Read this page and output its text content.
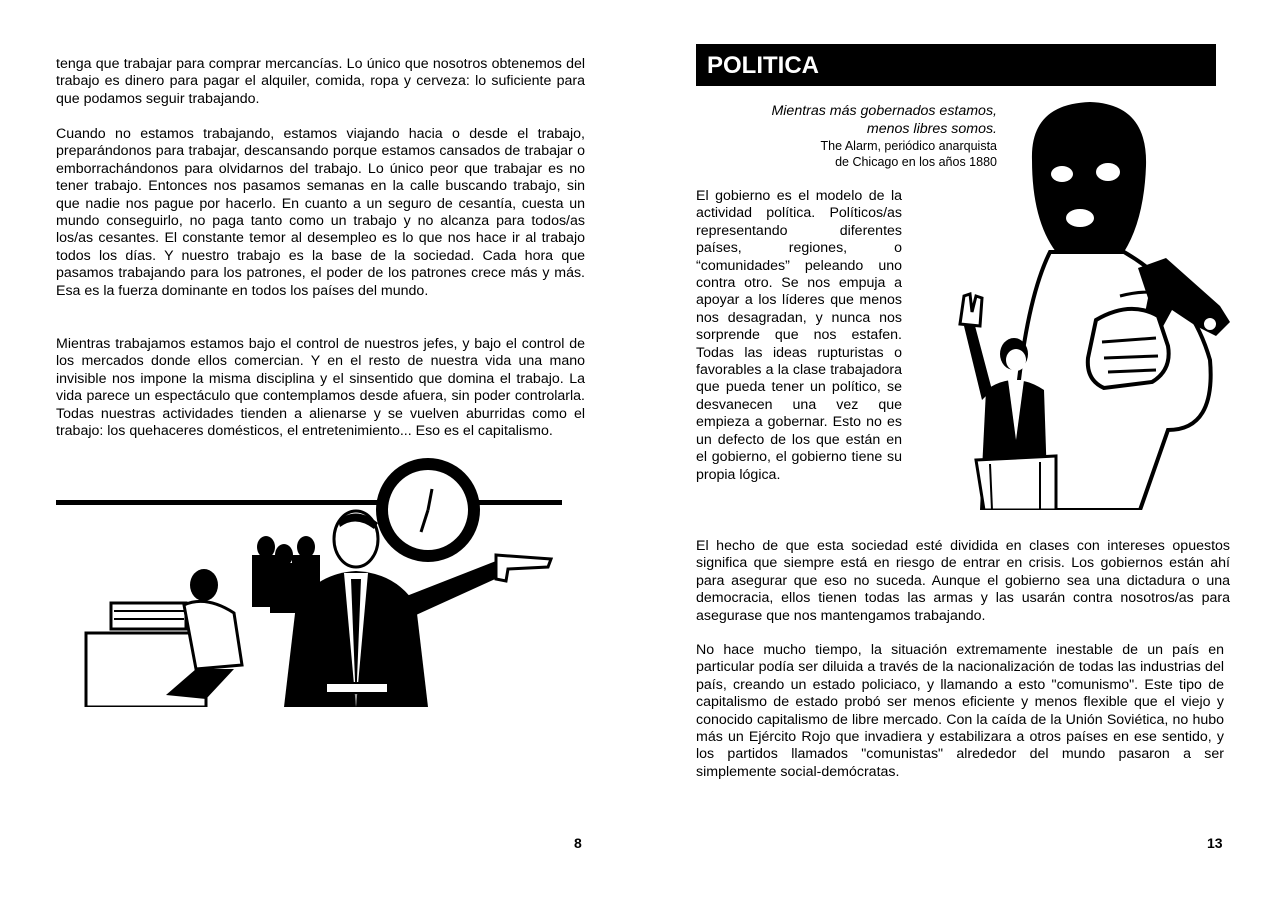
tenga que trabajar para comprar mercancías. Lo único que nosotros obtenemos del trabajo es dinero para pagar el alquiler, comida, ropa y cerveza: lo suficiente para que podamos seguir trabajando.

Cuando no estamos trabajando, estamos viajando hacia o desde el trabajo, preparándonos para trabajar, descansando porque estamos cansados de trabajar o emborrachándonos para olvidarnos del trabajo. Lo único peor que trabajar es no tener trabajo. Entonces nos pasamos semanas en la calle buscando trabajo, sin que nadie nos pague por hacerlo. En cuanto a un seguro de cesantía, cuesta un mundo conseguirlo, no paga tanto como un trabajo y no alcanza para todos/as los/as cesantes. El constante temor al desempleo es lo que nos hace ir al trabajo todos los días. Y nuestro trabajo es la base de la sociedad. Cada hora que pasamos trabajando para los patrones, el poder de los patrones crece más y más. Esa es la fuerza dominante en todos los países del mundo.

Mientras trabajamos estamos bajo el control de nuestros jefes, y bajo el control de los mercados donde ellos comercian. Y en el resto de nuestra vida una mano invisible nos impone la misma disciplina y el sinsentido que domina el trabajo. La vida parece un espectáculo que contemplamos desde afuera, sin poder controlarla. Todas nuestras actividades tienden a alienarse y se vuelven aburridas como el trabajo: los quehaceres domésticos, el entretenimiento... Eso es el capitalismo.

8
POLITICA
Mientras más gobernados estamos,
menos libres somos.
The Alarm, periódico anarquista
de Chicago en los años 1880

El gobierno es el modelo de la actividad política. Políticos/as representando diferentes países, regiones, o “comunidades” peleando uno contra otro. Se nos empuja a apoyar a los líderes que menos nos desagradan, y nunca nos sorprende que nos estafen. Todas las ideas rupturistas o favorables a la clase trabajadora que pueda tener un político, se desvanecen una vez que empieza a gobernar. Esto no es un defecto de los que están en el gobierno, el gobierno tiene su propia lógica.

El hecho de que esta sociedad esté dividida en clases con intereses opuestos significa que siempre está en riesgo de entrar en crisis. Los gobiernos están ahí para asegurar que eso no suceda. Aunque el gobierno sea una dictadura o una democracia, ellos tienen todas las armas y las usarán contra nosotros/as para asegurase que nos mantengamos trabajando.

No hace mucho tiempo, la situación extremamente inestable de un país en particular podía ser diluida a través de la nacionalización de todas las industrias del país, creando un estado policiaco, y llamando a esto "comunismo". Este tipo de capitalismo de estado probó ser menos eficiente y menos flexible que el viejo y conocido capitalismo de libre mercado. Con la caída de la Unión Soviética, no hubo más un Ejército Rojo que invadiera y estabilizara a otros países en ese sentido, y los partidos llamados "comunistas" alrededor del mundo pasaron a ser simplemente social-demócratas.

13
